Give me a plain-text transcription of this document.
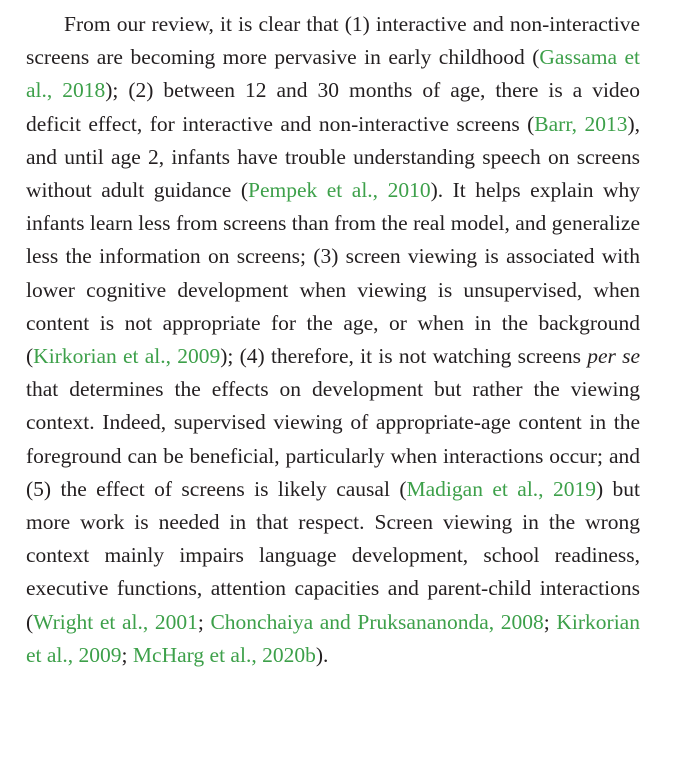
From our review, it is clear that (1) interactive and non-interactive screens are becoming more pervasive in early childhood (Gassama et al., 2018); (2) between 12 and 30 months of age, there is a video deficit effect, for interactive and non-interactive screens (Barr, 2013), and until age 2, infants have trouble understanding speech on screens without adult guidance (Pempek et al., 2010). It helps explain why infants learn less from screens than from the real model, and generalize less the information on screens; (3) screen viewing is associated with lower cognitive development when viewing is unsupervised, when content is not appropriate for the age, or when in the background (Kirkorian et al., 2009); (4) therefore, it is not watching screens per se that determines the effects on development but rather the viewing context. Indeed, supervised viewing of appropriate-age content in the foreground can be beneficial, particularly when interactions occur; and (5) the effect of screens is likely causal (Madigan et al., 2019) but more work is needed in that respect. Screen viewing in the wrong context mainly impairs language development, school readiness, executive functions, attention capacities and parent-child interactions (Wright et al., 2001; Chonchaiya and Pruksananonda, 2008; Kirkorian et al., 2009; McHarg et al., 2020b).
